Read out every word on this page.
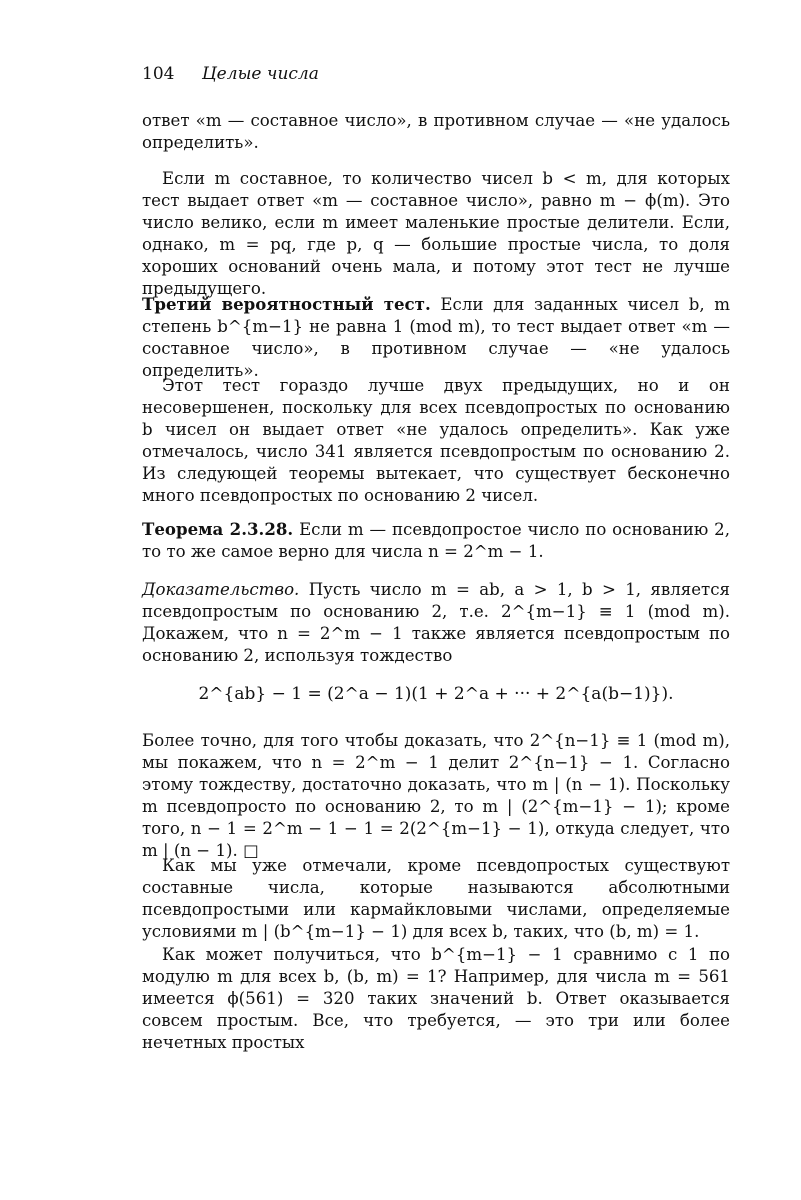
104 Целые числа
ответ «m — составное число», в противном случае — «не удалось определить».
Если m составное, то количество чисел b < m, для которых тест выдает ответ «m — составное число», равно m − ϕ(m). Это число велико, если m имеет маленькие простые делители. Если, однако, m = pq, где p, q — большие простые числа, то доля хороших оснований очень мала, и потому этот тест не лучше предыдущего.
Третий вероятностный тест. Если для заданных чисел b, m степень b^{m−1} не равна 1 (mod m), то тест выдает ответ «m — составное число», в противном случае — «не удалось определить».
Этот тест гораздо лучше двух предыдущих, но и он несовершенен, поскольку для всех псевдопростых по основанию b чисел он выдает ответ «не удалось определить». Как уже отмечалось, число 341 является псевдопростым по основанию 2. Из следующей теоремы вытекает, что существует бесконечно много псевдопростых по основанию 2 чисел.
Теорема 2.3.28. Если m — псевдопростое число по основанию 2, то то же самое верно для числа n = 2^m − 1.
Доказательство. Пусть число m = ab, a > 1, b > 1, является псевдопростым по основанию 2, т.е. 2^{m−1} ≡ 1 (mod m). Докажем, что n = 2^m − 1 также является псевдопростым по основанию 2, используя тождество
2^{ab} − 1 = (2^a − 1)(1 + 2^a + ··· + 2^{a(b−1)}).
Более точно, для того чтобы доказать, что 2^{n−1} ≡ 1 (mod m), мы покажем, что n = 2^m − 1 делит 2^{n−1} − 1. Согласно этому тождеству, достаточно доказать, что m | (n − 1). Поскольку m псевдопросто по основанию 2, то m | (2^{m−1} − 1); кроме того, n − 1 = 2^m − 1 − 1 = 2(2^{m−1} − 1), откуда следует, что m | (n − 1). □
Как мы уже отмечали, кроме псевдопростых существуют составные числа, которые называются абсолютными псевдопростыми или кармайкловыми числами, определяемые условиями m | (b^{m−1} − 1) для всех b, таких, что (b, m) = 1.
Как может получиться, что b^{m−1} − 1 сравнимо с 1 по модулю m для всех b, (b, m) = 1? Например, для числа m = 561 имеется ϕ(561) = 320 таких значений b. Ответ оказывается совсем простым. Все, что требуется, — это три или более нечетных простых
